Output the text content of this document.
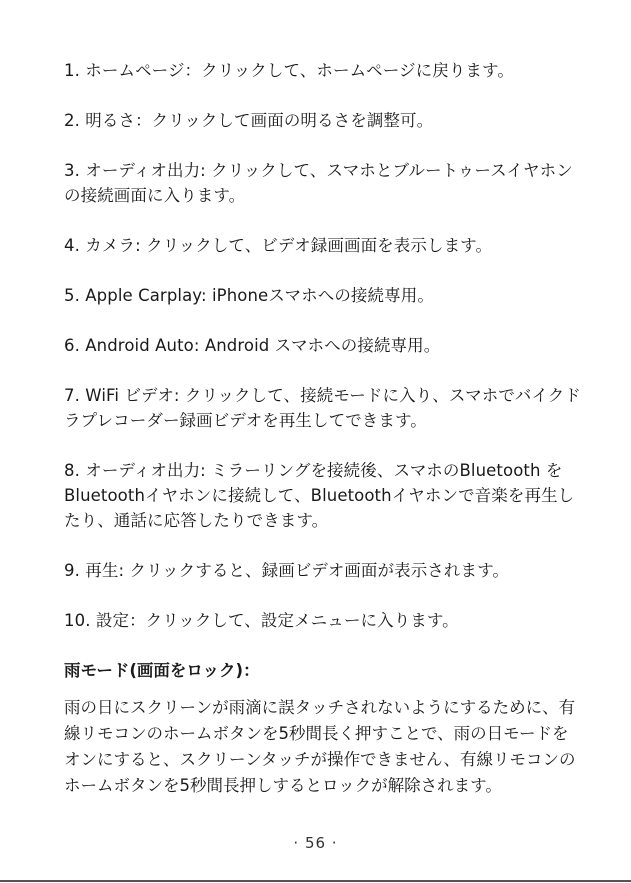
1. ホームページ：クリックして、ホームページに戻ります。

2. 明るさ：クリックして画面の明るさを調整可。

3. オーディオ出力: クリックして、スマホとブルートゥースイヤホンの接続画面に入ります。

4. カメラ: クリックして、ビデオ録画画面を表示します。

5. Apple Carplay: iPhoneスマホへの接続専用。

6. Android Auto: Android スマホへの接続専用。

7. WiFi ビデオ: クリックして、接続モードに入り、スマホでバイクドラプレコーダー録画ビデオを再生してできます。

8. オーディオ出力: ミラーリングを接続後、スマホのBluetooth をBluetoothイヤホンに接続して、Bluetoothイヤホンで音楽を再生したり、通話に応答したりできます。

9. 再生: クリックすると、録画ビデオ画面が表示されます。

10. 設定：クリックして、設定メニューに入ります。

雨モード(画面をロック)：

雨の日にスクリーンが雨滴に誤タッチされないようにするために、有線リモコンのホームボタンを5秒間長く押すことで、雨の日モードをオンにすると、スクリーンタッチが操作できません、有線リモコンのホームボタンを5秒間長押しするとロックが解除されます。

· 56 ·
